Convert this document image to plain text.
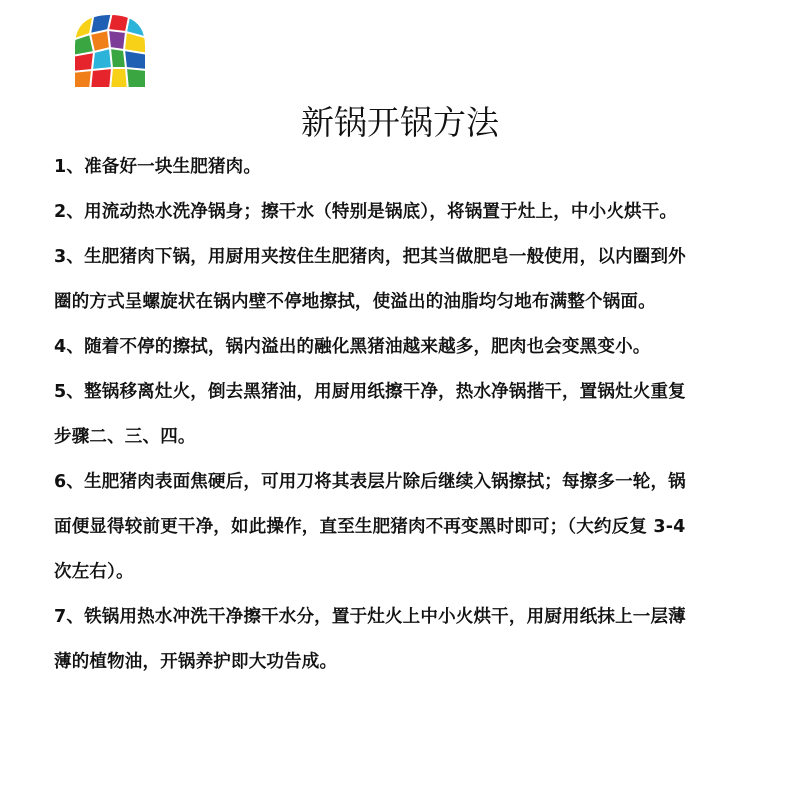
新锅开锅方法
1、准备好一块生肥猪肉。
2、用流动热水洗净锅身；擦干水（特别是锅底），将锅置于灶上，中小火烘干。
3、生肥猪肉下锅，用厨用夹按住生肥猪肉，把其当做肥皂一般使用，以内圈到外
圈的方式呈螺旋状在锅内壁不停地擦拭，使溢出的油脂均匀地布满整个锅面。
4、随着不停的擦拭，锅内溢出的融化黑猪油越来越多，肥肉也会变黑变小。
5、整锅移离灶火，倒去黑猪油，用厨用纸擦干净，热水净锅揩干，置锅灶火重复
步骤二、三、四。
6、生肥猪肉表面焦硬后，可用刀将其表层片除后继续入锅擦拭；每擦多一轮，锅
面便显得较前更干净，如此操作，直至生肥猪肉不再变黑时即可；（大约反复 3-4
次左右）。
7、铁锅用热水冲洗干净擦干水分，置于灶火上中小火烘干，用厨用纸抹上一层薄
薄的植物油，开锅养护即大功告成。
